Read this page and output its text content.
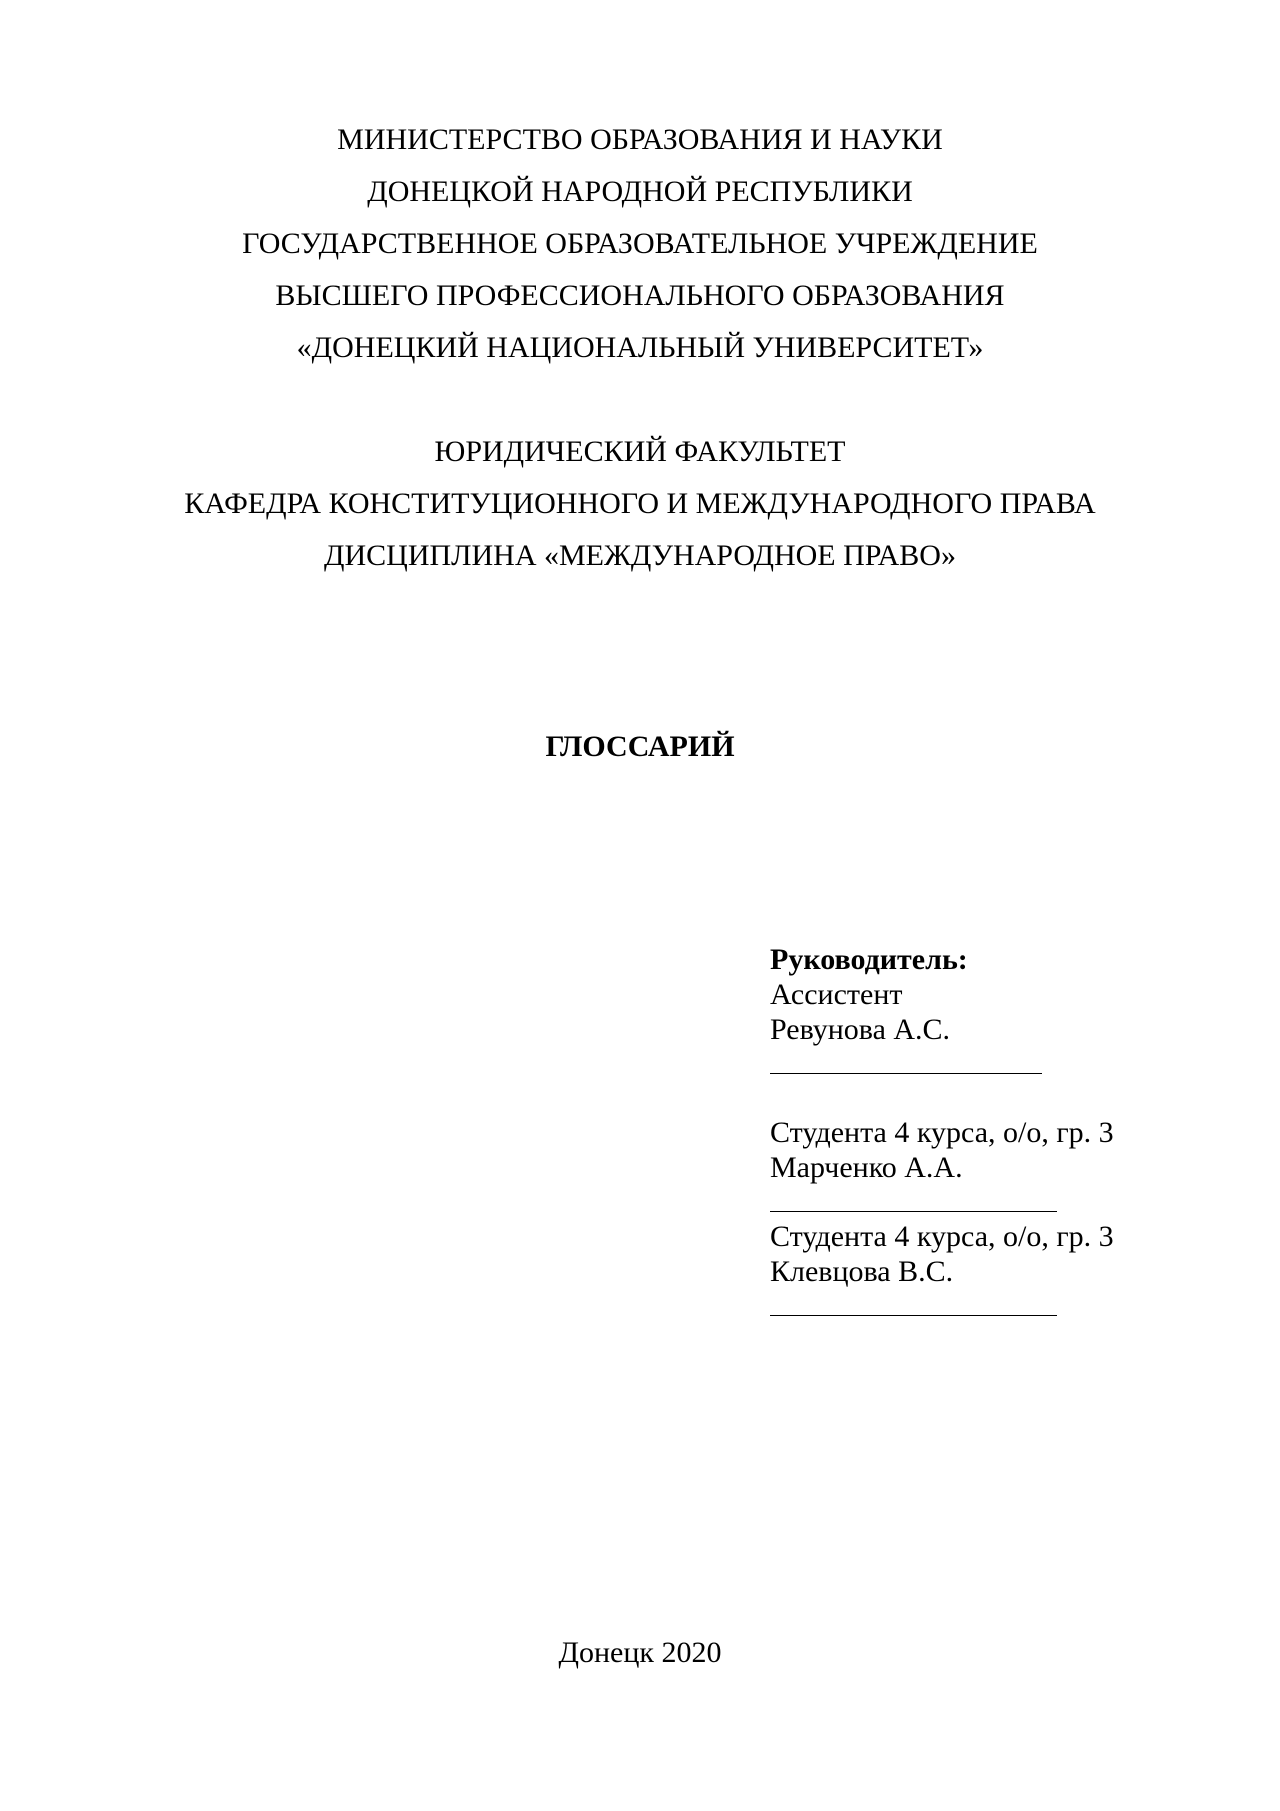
МИНИСТЕРСТВО ОБРАЗОВАНИЯ И НАУКИ
ДОНЕЦКОЙ НАРОДНОЙ РЕСПУБЛИКИ
ГОСУДАРСТВЕННОЕ ОБРАЗОВАТЕЛЬНОЕ УЧРЕЖДЕНИЕ
ВЫСШЕГО ПРОФЕССИОНАЛЬНОГО ОБРАЗОВАНИЯ
«ДОНЕЦКИЙ НАЦИОНАЛЬНЫЙ УНИВЕРСИТЕТ»
ЮРИДИЧЕСКИЙ ФАКУЛЬТЕТ
КАФЕДРА КОНСТИТУЦИОННОГО И МЕЖДУНАРОДНОГО ПРАВА
ДИСЦИПЛИНА «МЕЖДУНАРОДНОЕ ПРАВО»
ГЛОССАРИЙ
Руководитель:
Ассистент
Ревунова А.С.
Студента 4 курса, о/о, гр. 3
Марченко А.А.
Студента 4 курса, о/о, гр. 3
Клевцова В.С.
Донецк 2020
